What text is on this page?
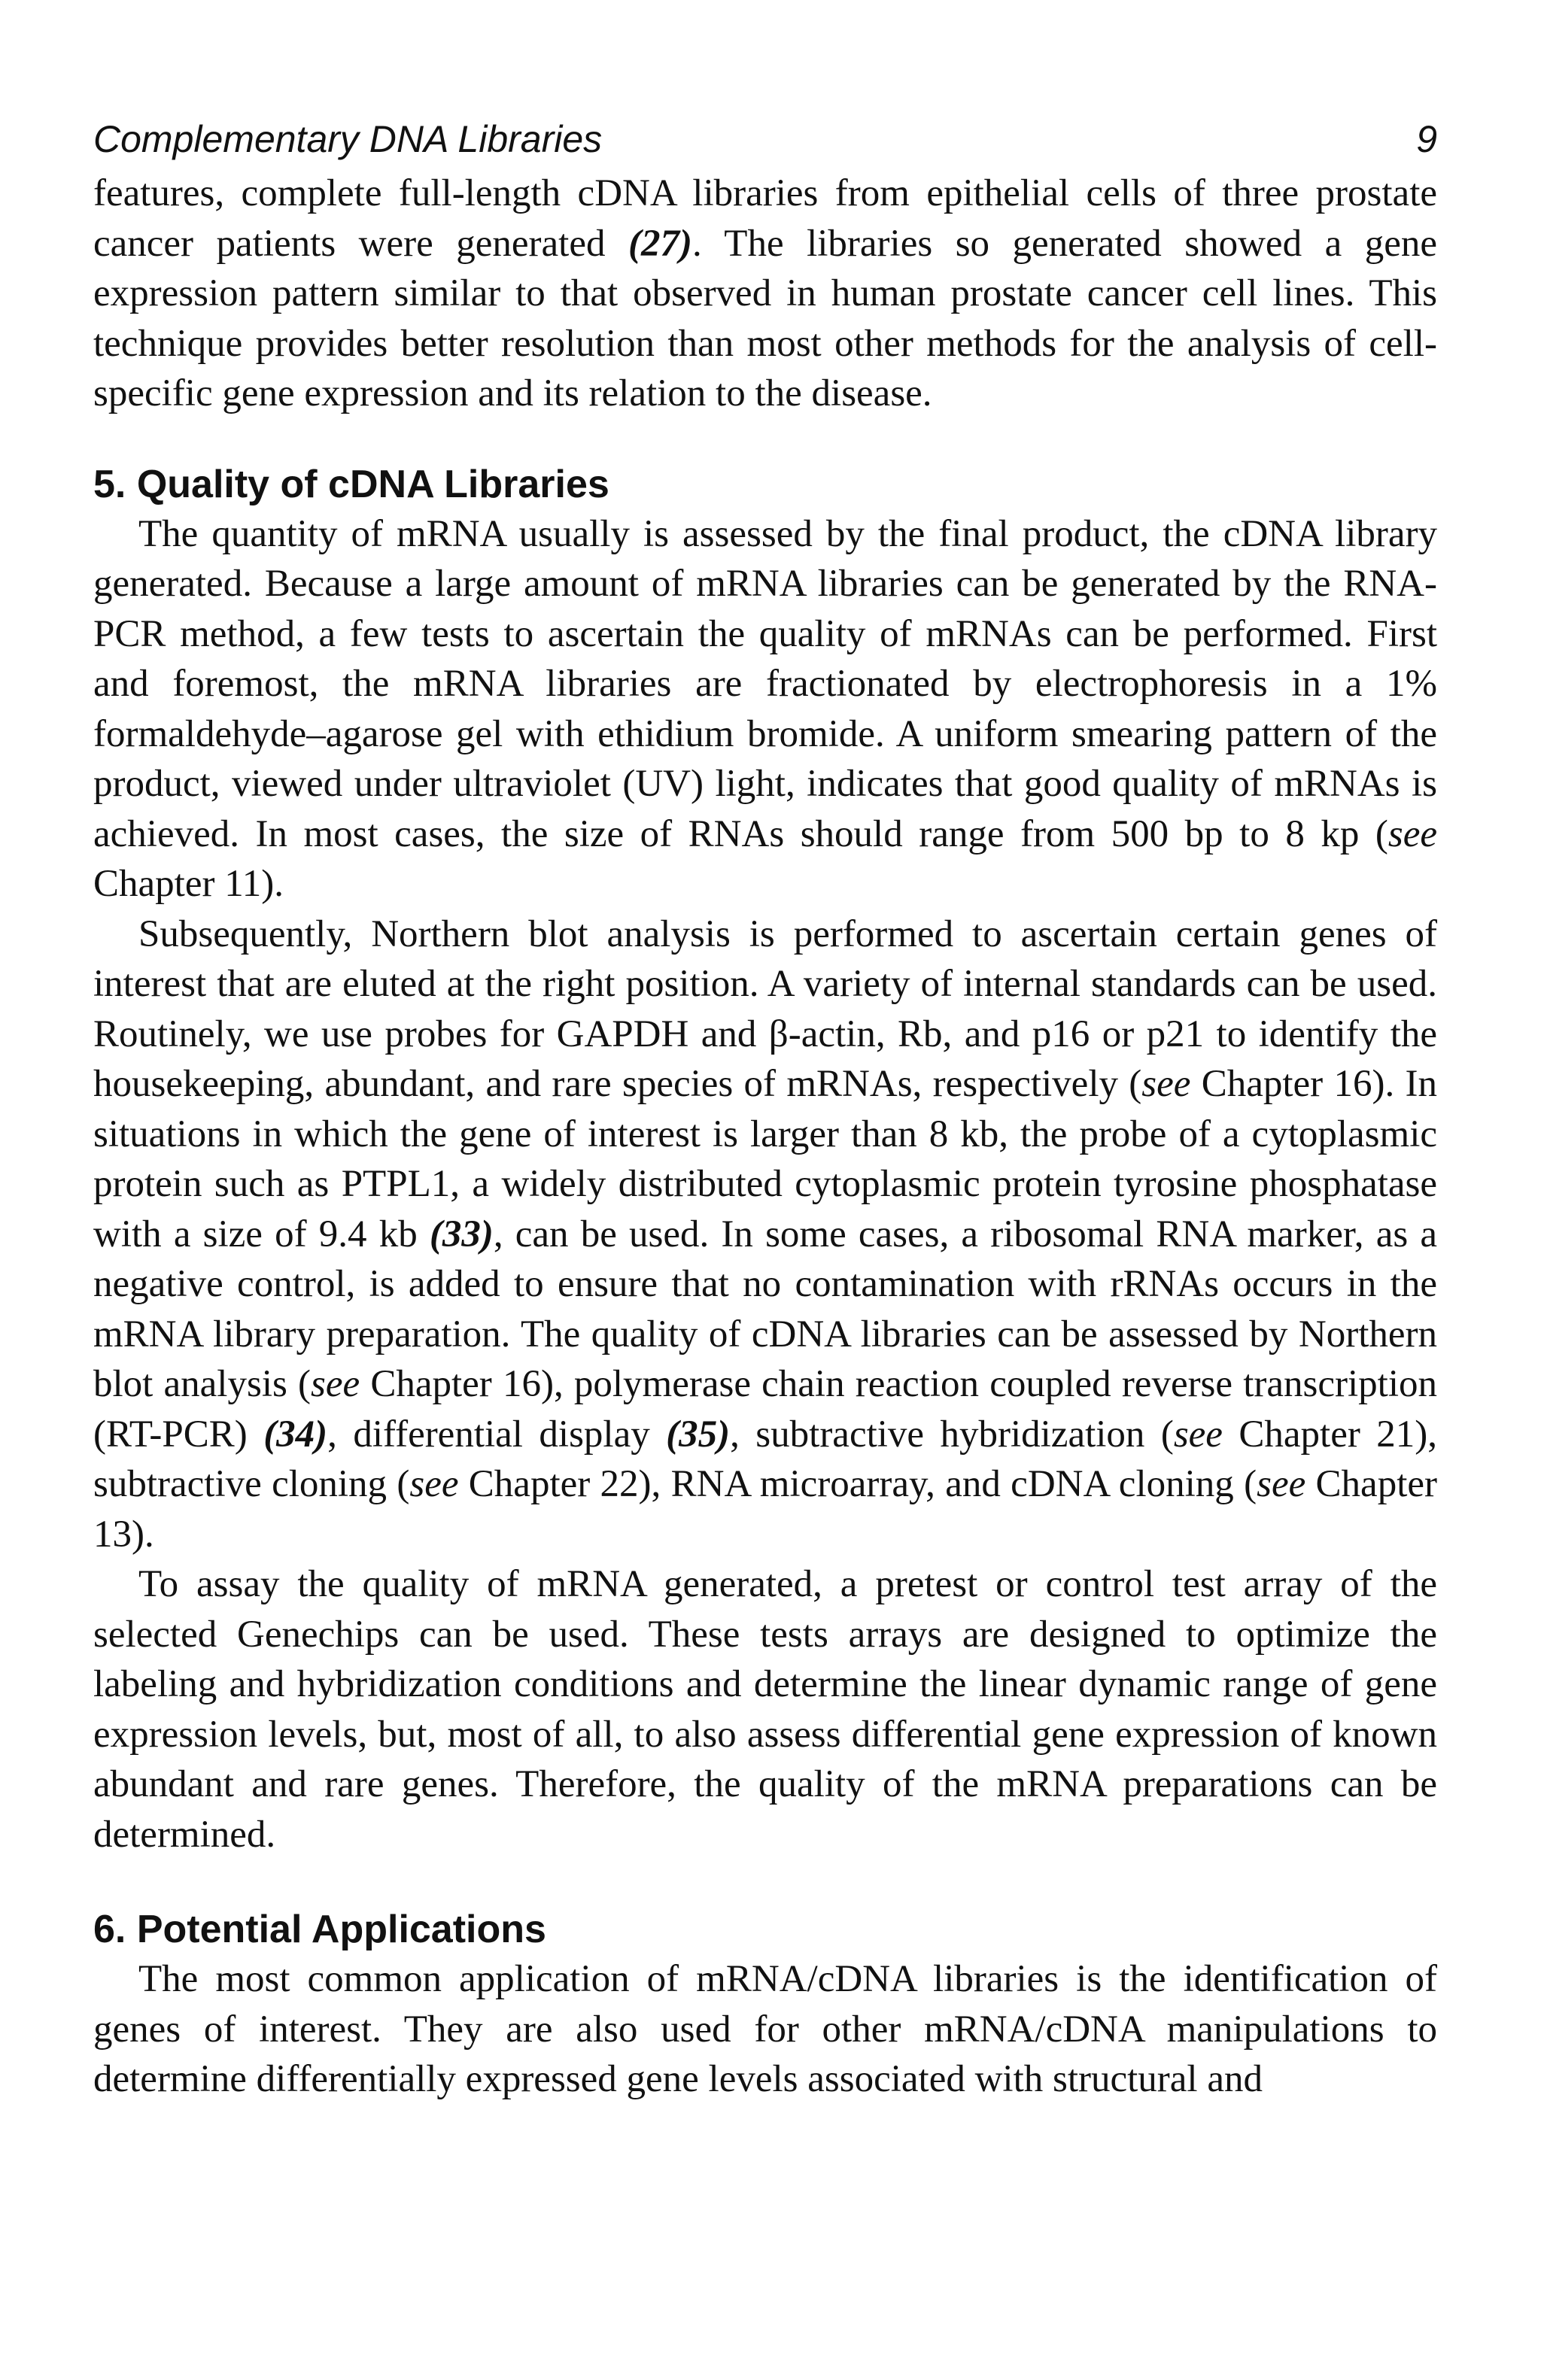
Complementary DNA Libraries	9

features, complete full-length cDNA libraries from epithelial cells of three prostate cancer patients were generated (27). The libraries so generated showed a gene expression pattern similar to that observed in human prostate cancer cell lines. This technique provides better resolution than most other methods for the analysis of cell-specific gene expression and its relation to the disease.

5. Quality of cDNA Libraries

The quantity of mRNA usually is assessed by the final product, the cDNA library generated. Because a large amount of mRNA libraries can be generated by the RNA-PCR method, a few tests to ascertain the quality of mRNAs can be performed. First and foremost, the mRNA libraries are fractionated by electrophoresis in a 1% formaldehyde–agarose gel with ethidium bromide. A uniform smearing pattern of the product, viewed under ultraviolet (UV) light, indicates that good quality of mRNAs is achieved. In most cases, the size of RNAs should range from 500 bp to 8 kp (see Chapter 11).

Subsequently, Northern blot analysis is performed to ascertain certain genes of interest that are eluted at the right position. A variety of internal standards can be used. Routinely, we use probes for GAPDH and β-actin, Rb, and p16 or p21 to identify the housekeeping, abundant, and rare species of mRNAs, respectively (see Chapter 16). In situations in which the gene of interest is larger than 8 kb, the probe of a cytoplasmic protein such as PTPL1, a widely distributed cytoplasmic protein tyrosine phosphatase with a size of 9.4 kb (33), can be used. In some cases, a ribosomal RNA marker, as a negative control, is added to ensure that no contamination with rRNAs occurs in the mRNA library preparation. The quality of cDNA libraries can be assessed by Northern blot analysis (see Chapter 16), polymerase chain reaction coupled reverse transcription (RT-PCR) (34), differential display (35), subtractive hybridization (see Chapter 21), subtractive cloning (see Chapter 22), RNA microarray, and cDNA cloning (see Chapter 13).

To assay the quality of mRNA generated, a pretest or control test array of the selected Genechips can be used. These tests arrays are designed to optimize the labeling and hybridization conditions and determine the linear dynamic range of gene expression levels, but, most of all, to also assess differential gene expression of known abundant and rare genes. Therefore, the quality of the mRNA preparations can be determined.

6. Potential Applications

The most common application of mRNA/cDNA libraries is the identification of genes of interest. They are also used for other mRNA/cDNA manipulations to determine differentially expressed gene levels associated with structural and
